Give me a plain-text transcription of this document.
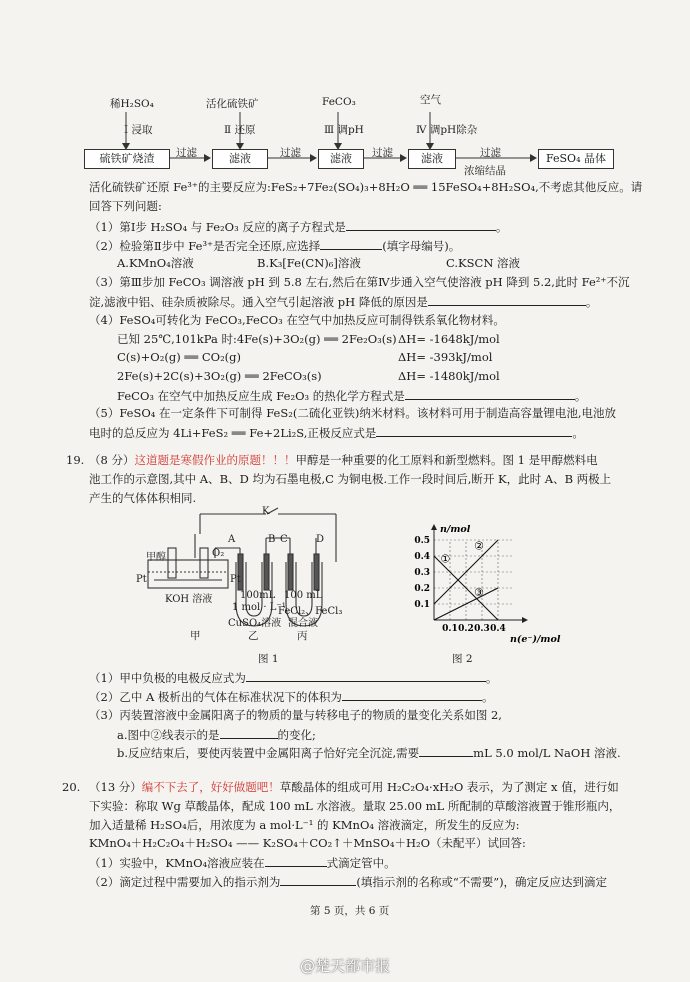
稀H₂SO₄	活化硫铁矿	FeCO₃	空气
Ⅰ 浸取	Ⅱ 还原	Ⅲ 调pH	Ⅳ 调pH除杂
硫铁矿烧渣	滤液	滤液	滤液	FeSO₄ 晶体
过滤	过滤	过滤	过滤
浓缩结晶
活化硫铁矿还原 Fe³⁺的主要反应为:FeS₂+7Fe₂(SO₄)₃+8H₂O ══ 15FeSO₄+8H₂SO₄,不考虑其他反应。请
回答下列问题:
（1）第Ⅰ步 H₂SO₄ 与 Fe₂O₃ 反应的离子方程式是	。
（2）检验第Ⅱ步中 Fe³⁺是否完全还原,应选择	(填字母编号)。
A.KMnO₄溶液	B.K₃[Fe(CN)₆]溶液	C.KSCN 溶液
（3）第Ⅲ步加 FeCO₃ 调溶液 pH 到 5.8 左右,然后在第Ⅳ步通入空气使溶液 pH 降到 5.2,此时 Fe²⁺不沉
淀,滤液中铝、硅杂质被除尽。通入空气引起溶液 pH 降低的原因是	。
（4）FeSO₄可转化为 FeCO₃,FeCO₃ 在空气中加热反应可制得铁系氧化物材料。
已知 25℃,101kPa 时:4Fe(s)+3O₂(g) ══ 2Fe₂O₃(s) ΔH= -1648kJ/mol
C(s)+O₂(g) ══ CO₂(g)	ΔH= -393kJ/mol
2Fe(s)+2C(s)+3O₂(g) ══ 2FeCO₃(s)	ΔH= -1480kJ/mol
FeCO₃ 在空气中加热反应生成 Fe₂O₃ 的热化学方程式是	。
（5）FeSO₄ 在一定条件下可制得 FeS₂(二硫化亚铁)纳米材料。该材料可用于制造高容量锂电池,电池放
电时的总反应为 4Li+FeS₂ ══ Fe+2Li₂S,正极反应式是	。
19. （8 分）这道题是寒假作业的原题！！！甲醇是一种重要的化工原料和新型燃料。图 1 是甲醇燃料电
池工作的示意图,其中 A、B、D 均为石墨电极,C 为铜电极.工作一段时间后,断开 K，此时 A、B 两极上
产生的气体体积相同.
K
A	B C	D
甲醇	O₂
Pt	Pt
KOH 溶液	100mL
1 mol · L⁻¹
CuSO₄溶液
100 mL
FeCl₂、FeCl₃
混合液
甲	乙	丙
图 1
0.1
0.2
0.3
0.4
0.5
0.1 0.2 0.3 0.4
n/mol
n(e⁻)/mol
①
②
③
图 2
（1）甲中负极的电极反应式为	。
（2）乙中 A 极析出的气体在标准状况下的体积为	。
（3）丙装置溶液中金属阳离子的物质的量与转移电子的物质的量变化关系如图 2,
a.图中②线表示的是	的变化;
b.反应结束后，要使丙装置中金属阳离子恰好完全沉淀,需要	mL 5.0 mol/L NaOH 溶液.
20. （13 分）编不下去了，好好做题吧！草酸晶体的组成可用 H₂C₂O₄·xH₂O 表示，为了测定 x 值，进行如
下实验：称取 Wg 草酸晶体，配成 100 mL 水溶液。量取 25.00 mL 所配制的草酸溶液置于锥形瓶内，
加入适量稀 H₂SO₄后，用浓度为 a mol·L⁻¹ 的 KMnO₄ 溶液滴定，所发生的反应为:
KMnO₄＋H₂C₂O₄＋H₂SO₄ —— K₂SO₄＋CO₂↑＋MnSO₄＋H₂O（未配平）试回答:
（1）实验中，KMnO₄溶液应装在	式滴定管中。
（2）滴定过程中需要加入的指示剂为	(填指示剂的名称或“不需要”)，确定反应达到滴定
第 5 页，共 6 页
@楚天都市报
